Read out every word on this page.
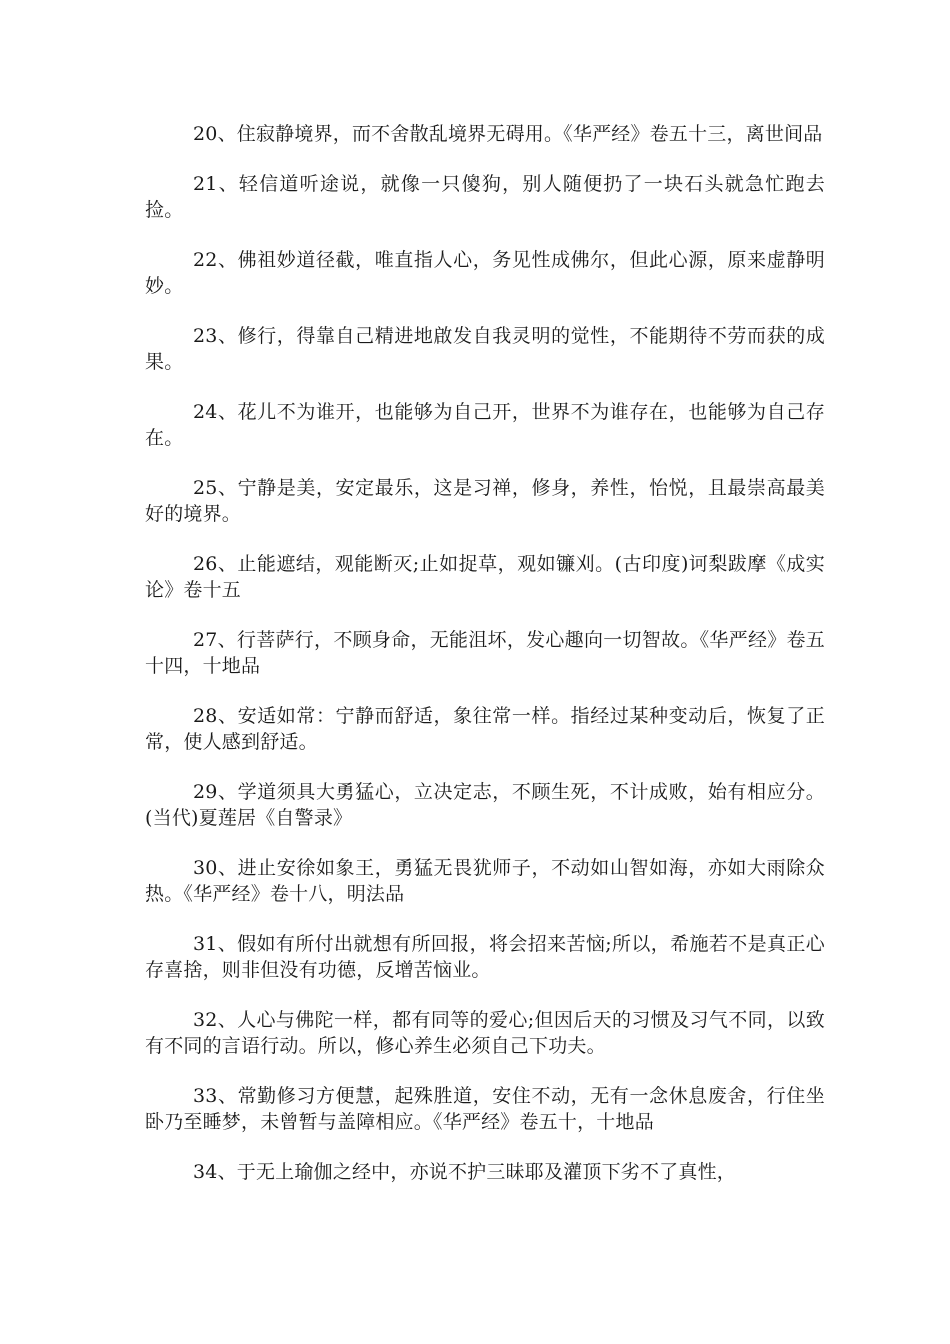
20、住寂静境界，而不舍散乱境界无碍用。《华严经》卷五十三，离世间品

21、轻信道听途说，就像一只傻狗，别人随便扔了一块石头就急忙跑去捡。

22、佛祖妙道径截，唯直指人心，务见性成佛尔，但此心源，原来虚静明妙。

23、修行，得靠自己精进地啟发自我灵明的觉性，不能期待不劳而获的成果。

24、花儿不为谁开，也能够为自己开，世界不为谁存在，也能够为自己存在。

25、宁静是美，安定最乐，这是习禅，修身，养性，怡悦，且最崇高最美好的境界。

26、止能遮结，观能断灭;止如捉草，观如镰刈。(古印度)诃梨跋摩《成实论》卷十五

27、行菩萨行，不顾身命，无能沮坏，发心趣向一切智故。《华严经》卷五十四，十地品

28、安适如常：宁静而舒适，象往常一样。指经过某种变动后，恢复了正常，使人感到舒适。

29、学道须具大勇猛心，立决定志，不顾生死，不计成败，始有相应分。(当代)夏莲居《自警录》

30、进止安徐如象王，勇猛无畏犹师子，不动如山智如海，亦如大雨除众热。《华严经》卷十八，明法品

31、假如有所付出就想有所回报，将会招来苦恼;所以，希施若不是真正心存喜捨，则非但没有功德，反增苦恼业。

32、人心与佛陀一样，都有同等的爱心;但因后天的习惯及习气不同，以致有不同的言语行动。所以，修心养生必须自己下功夫。

33、常勤修习方便慧，起殊胜道，安住不动，无有一念休息废舍，行住坐卧乃至睡梦，未曾暂与盖障相应。《华严经》卷五十，十地品

34、于无上瑜伽之经中，亦说不护三昧耶及灌顶下劣不了真性，
